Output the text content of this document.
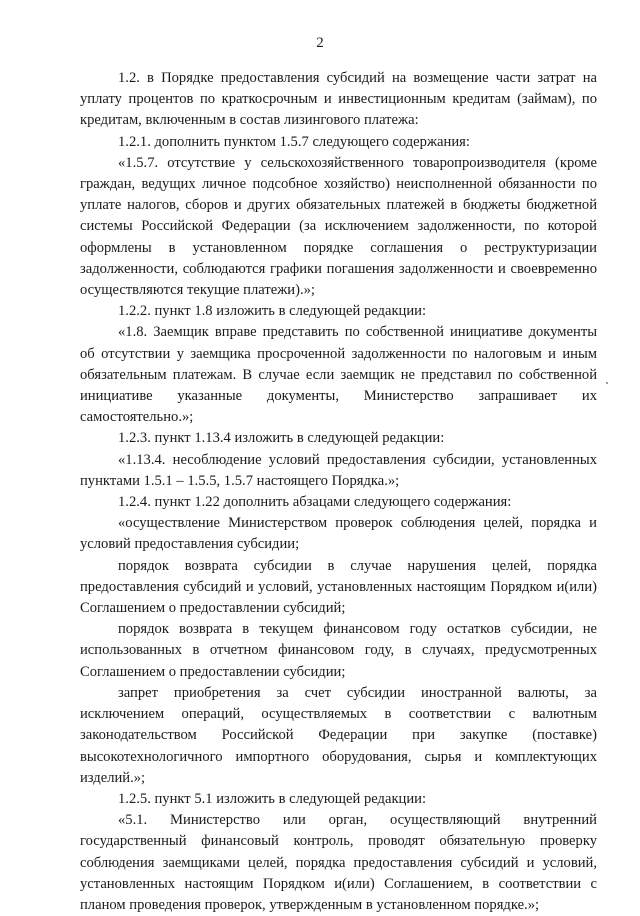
2

1.2. в Порядке предоставления субсидий на возмещение части затрат на уплату процентов по краткосрочным и инвестиционным кредитам (займам), по кредитам, включенным в состав лизингового платежа:

1.2.1. дополнить пунктом 1.5.7 следующего содержания:

«1.5.7. отсутствие у сельскохозяйственного товаропроизводителя (кроме граждан, ведущих личное подсобное хозяйство) неисполненной обязанности по уплате налогов, сборов и других обязательных платежей в бюджеты бюджетной системы Российской Федерации (за исключением задолженности, по которой оформлены в установленном порядке соглашения о реструктуризации задолженности, соблюдаются графики погашения задолженности и своевременно осуществляются текущие платежи).»;

1.2.2. пункт 1.8 изложить в следующей редакции:

«1.8. Заемщик вправе представить по собственной инициативе документы об отсутствии у заемщика просроченной задолженности по налоговым и иным обязательным платежам. В случае если заемщик не представил по собственной инициативе указанные документы, Министерство запрашивает их самостоятельно.»;

1.2.3. пункт 1.13.4 изложить в следующей редакции:

«1.13.4. несоблюдение условий предоставления субсидии, установленных пунктами 1.5.1 – 1.5.5, 1.5.7 настоящего Порядка.»;

1.2.4. пункт 1.22 дополнить абзацами следующего содержания:

«осуществление Министерством проверок соблюдения целей, порядка и условий предоставления субсидии;

порядок возврата субсидии в случае нарушения целей, порядка предоставления субсидий и условий, установленных настоящим Порядком и(или) Соглашением о предоставлении субсидий;

порядок возврата в текущем финансовом году остатков субсидии, не использованных в отчетном финансовом году, в случаях, предусмотренных Соглашением о предоставлении субсидии;

запрет приобретения за счет субсидии иностранной валюты, за исключением операций, осуществляемых в соответствии с валютным законодательством Российской Федерации при закупке (поставке) высокотехнологичного импортного оборудования, сырья и комплектующих изделий.»;

1.2.5. пункт 5.1 изложить в следующей редакции:

«5.1. Министерство или орган, осуществляющий внутренний государственный финансовый контроль, проводят обязательную проверку соблюдения заемщиками целей, порядка предоставления субсидий и условий, установленных настоящим Порядком и(или) Соглашением, в соответствии с планом проведения проверок, утвержденным в установленном порядке.»;
